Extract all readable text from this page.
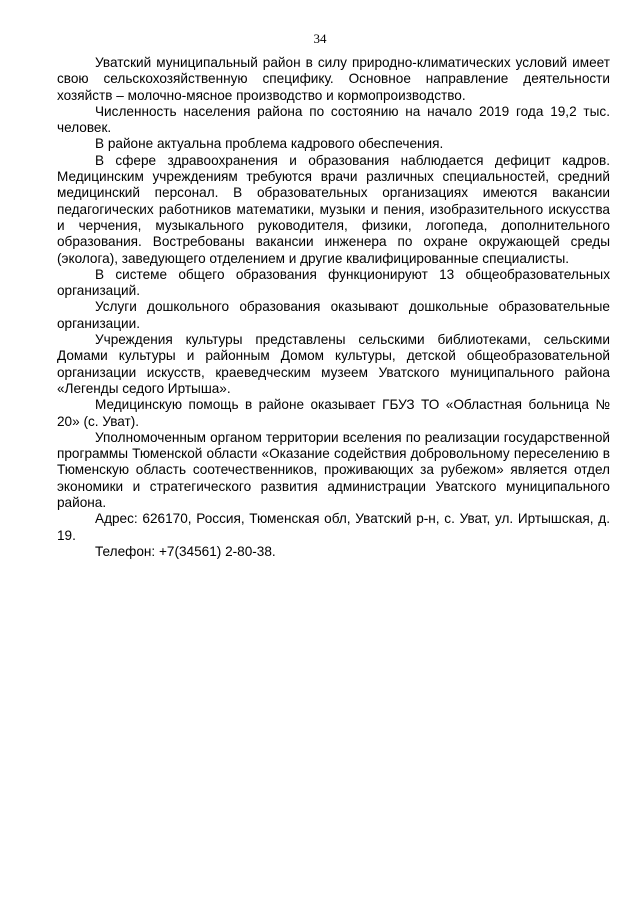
34

Уватский муниципальный район в силу природно-климатических условий имеет свою сельскохозяйственную специфику. Основное направление деятельности хозяйств – молочно-мясное производство и кормопроизводство.

Численность населения района по состоянию на начало 2019 года 19,2 тыс. человек.

В районе актуальна проблема кадрового обеспечения.

В сфере здравоохранения и образования наблюдается дефицит кадров. Медицинским учреждениям требуются врачи различных специальностей, средний медицинский персонал. В образовательных организациях имеются вакансии педагогических работников математики, музыки и пения, изобразительного искусства и черчения, музыкального руководителя, физики, логопеда, дополнительного образования. Востребованы вакансии инженера по охране окружающей среды (эколога), заведующего отделением и другие квалифицированные специалисты.

В системе общего образования функционируют 13 общеобразовательных организаций.

Услуги дошкольного образования оказывают дошкольные образовательные организации.

Учреждения культуры представлены сельскими библиотеками, сельскими Домами культуры и районным Домом культуры, детской общеобразовательной организации искусств, краеведческим музеем Уватского муниципального района «Легенды седого Иртыша».

Медицинскую помощь в районе оказывает ГБУЗ ТО «Областная больница № 20» (с. Уват).

Уполномоченным органом территории вселения по реализации государственной программы Тюменской области «Оказание содействия добровольному переселению в Тюменскую область соотечественников, проживающих за рубежом» является отдел экономики и стратегического развития администрации Уватского муниципального района.

Адрес: 626170, Россия, Тюменская обл, Уватский р-н, с. Уват, ул. Иртышская, д. 19.

Телефон: +7(34561) 2-80-38.
